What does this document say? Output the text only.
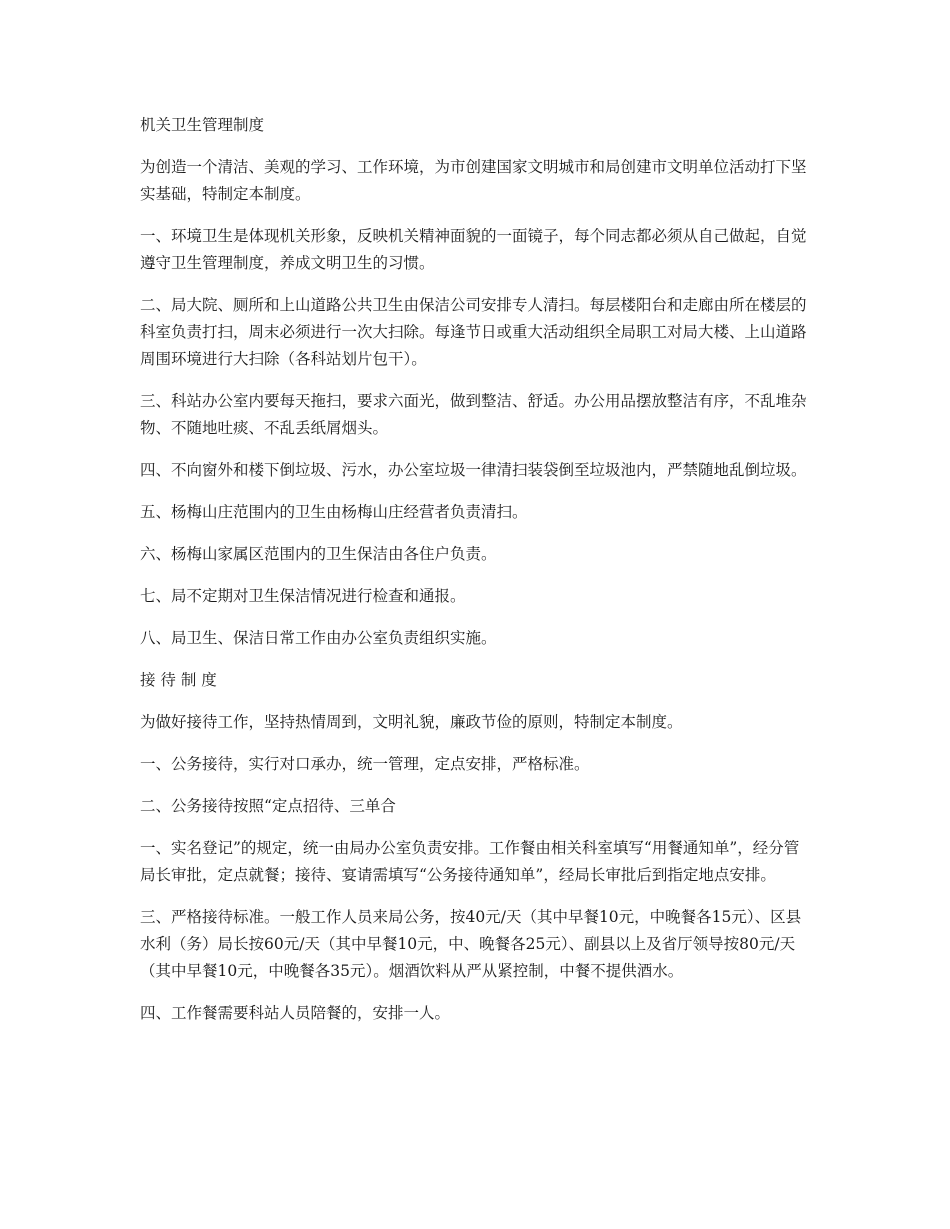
机关卫生管理制度

为创造一个清洁、美观的学习、工作环境，为市创建国家文明城市和局创建市文明单位活动打下坚实基础，特制定本制度。

一、环境卫生是体现机关形象，反映机关精神面貌的一面镜子，每个同志都必须从自己做起，自觉遵守卫生管理制度，养成文明卫生的习惯。

二、局大院、厕所和上山道路公共卫生由保洁公司安排专人清扫。每层楼阳台和走廊由所在楼层的科室负责打扫，周末必须进行一次大扫除。每逢节日或重大活动组织全局职工对局大楼、上山道路周围环境进行大扫除（各科站划片包干）。

三、科站办公室内要每天拖扫，要求六面光，做到整洁、舒适。办公用品摆放整洁有序，不乱堆杂物、不随地吐痰、不乱丢纸屑烟头。

四、不向窗外和楼下倒垃圾、污水，办公室垃圾一律清扫装袋倒至垃圾池内，严禁随地乱倒垃圾。

五、杨梅山庄范围内的卫生由杨梅山庄经营者负责清扫。

六、杨梅山家属区范围内的卫生保洁由各住户负责。

七、局不定期对卫生保洁情况进行检查和通报。

八、局卫生、保洁日常工作由办公室负责组织实施。

接 待 制 度

为做好接待工作，坚持热情周到，文明礼貌，廉政节俭的原则，特制定本制度。

一、公务接待，实行对口承办，统一管理，定点安排，严格标准。

二、公务接待按照“定点招待、三单合

一、实名登记”的规定，统一由局办公室负责安排。工作餐由相关科室填写“用餐通知单”，经分管局长审批，定点就餐；接待、宴请需填写“公务接待通知单”，经局长审批后到指定地点安排。

三、严格接待标准。一般工作人员来局公务，按40元/天（其中早餐10元，中晚餐各15元）、区县水利（务）局长按60元/天（其中早餐10元，中、晚餐各25元）、副县以上及省厅领导按80元/天（其中早餐10元，中晚餐各35元）。烟酒饮料从严从紧控制，中餐不提供酒水。

四、工作餐需要科站人员陪餐的，安排一人。
